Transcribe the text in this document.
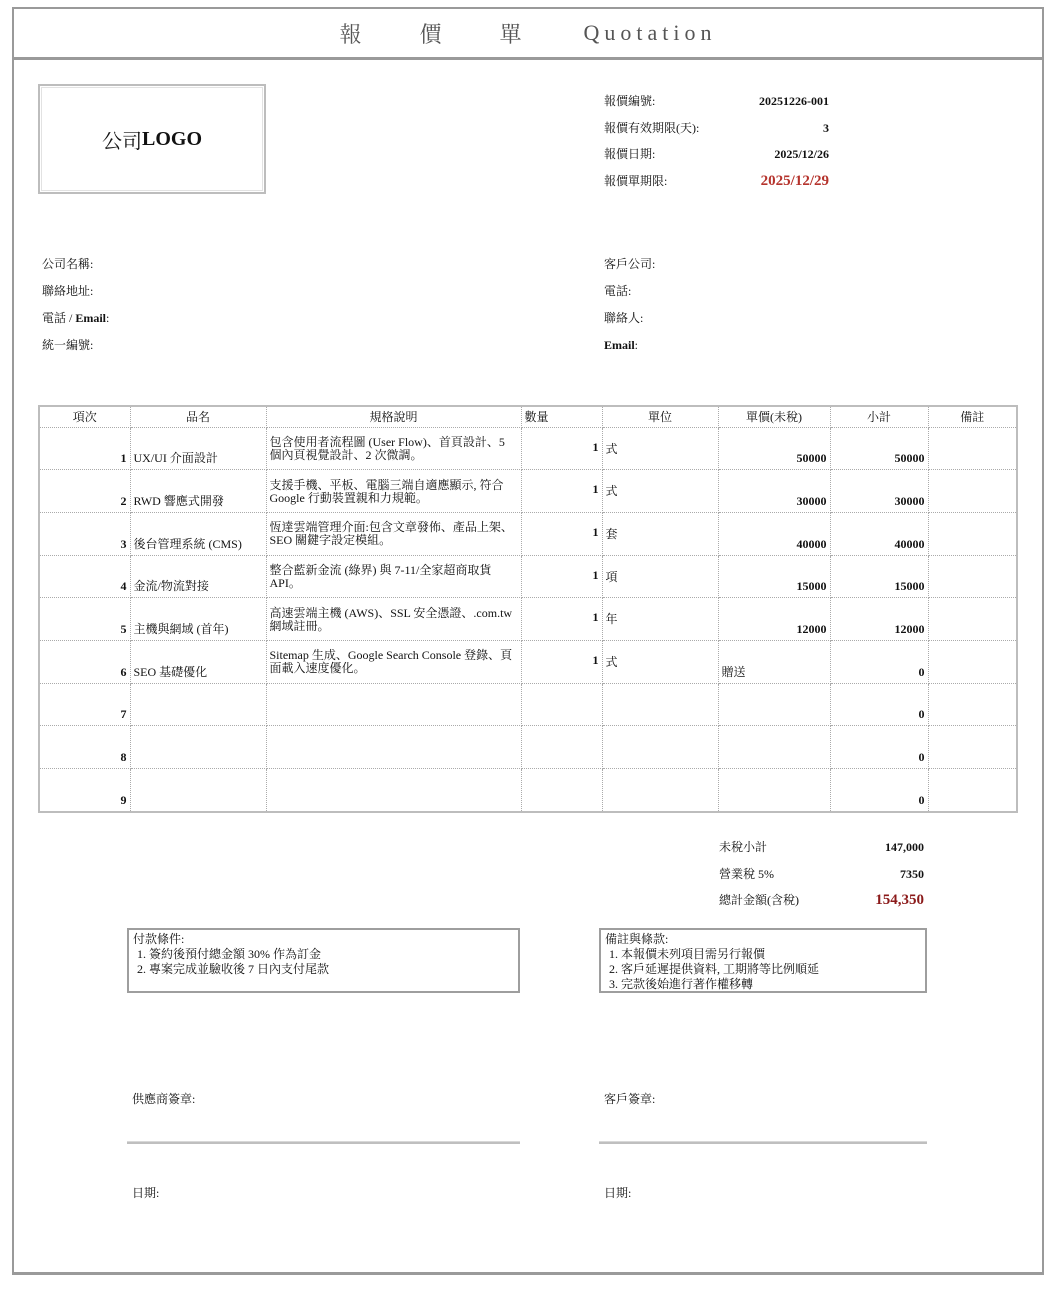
報價單 Quotation
公司 LOGO
報價編號:	20251226-001
報價有效期限(天):	3
報價日期:	2025/12/26
報價單期限:	2025/12/29
公司名稱:
聯絡地址:
電話 / Email:
統一編號:
客戶公司:
電話:
聯絡人:
Email:
項次	品名	規格說明	數量	單位	單價(未稅)	小計	備註
1	UX/UI 介面設計	包含使用者流程圖 (User Flow)、首頁設計、5 個內頁視覺設計、2 次微調。	1	式	50000	50000	
2	RWD 響應式開發	支援手機、平板、電腦三端自適應顯示, 符合 Google 行動裝置親和力規範。	1	式	30000	30000	
3	後台管理系統 (CMS)	恆達雲端管理介面:包含文章發佈、產品上架、SEO 關鍵字設定模組。	1	套	40000	40000	
4	金流/物流對接	整合藍新金流 (綠界) 與 7-11/全家超商取貨 API。	1	項	15000	15000	
5	主機與網域 (首年)	高速雲端主機 (AWS)、SSL 安全憑證、.com.tw 網域註冊。	1	年	12000	12000	
6	SEO 基礎優化	Sitemap 生成、Google Search Console 登錄、頁面載入速度優化。	1	式	贈送	0	
7						0	
8						0	
9						0	
未稅小計	147,000
營業稅 5%	7350
總計金額(含稅)	154,350
付款條件:
1. 簽約後預付總金額 30% 作為訂金
2. 專案完成並驗收後 7 日內支付尾款
備註與條款:
1. 本報價未列項目需另行報價
2. 客戶延遲提供資料, 工期將等比例順延
3. 完款後始進行著作權移轉
供應商簽章:	客戶簽章:
日期:	日期:
